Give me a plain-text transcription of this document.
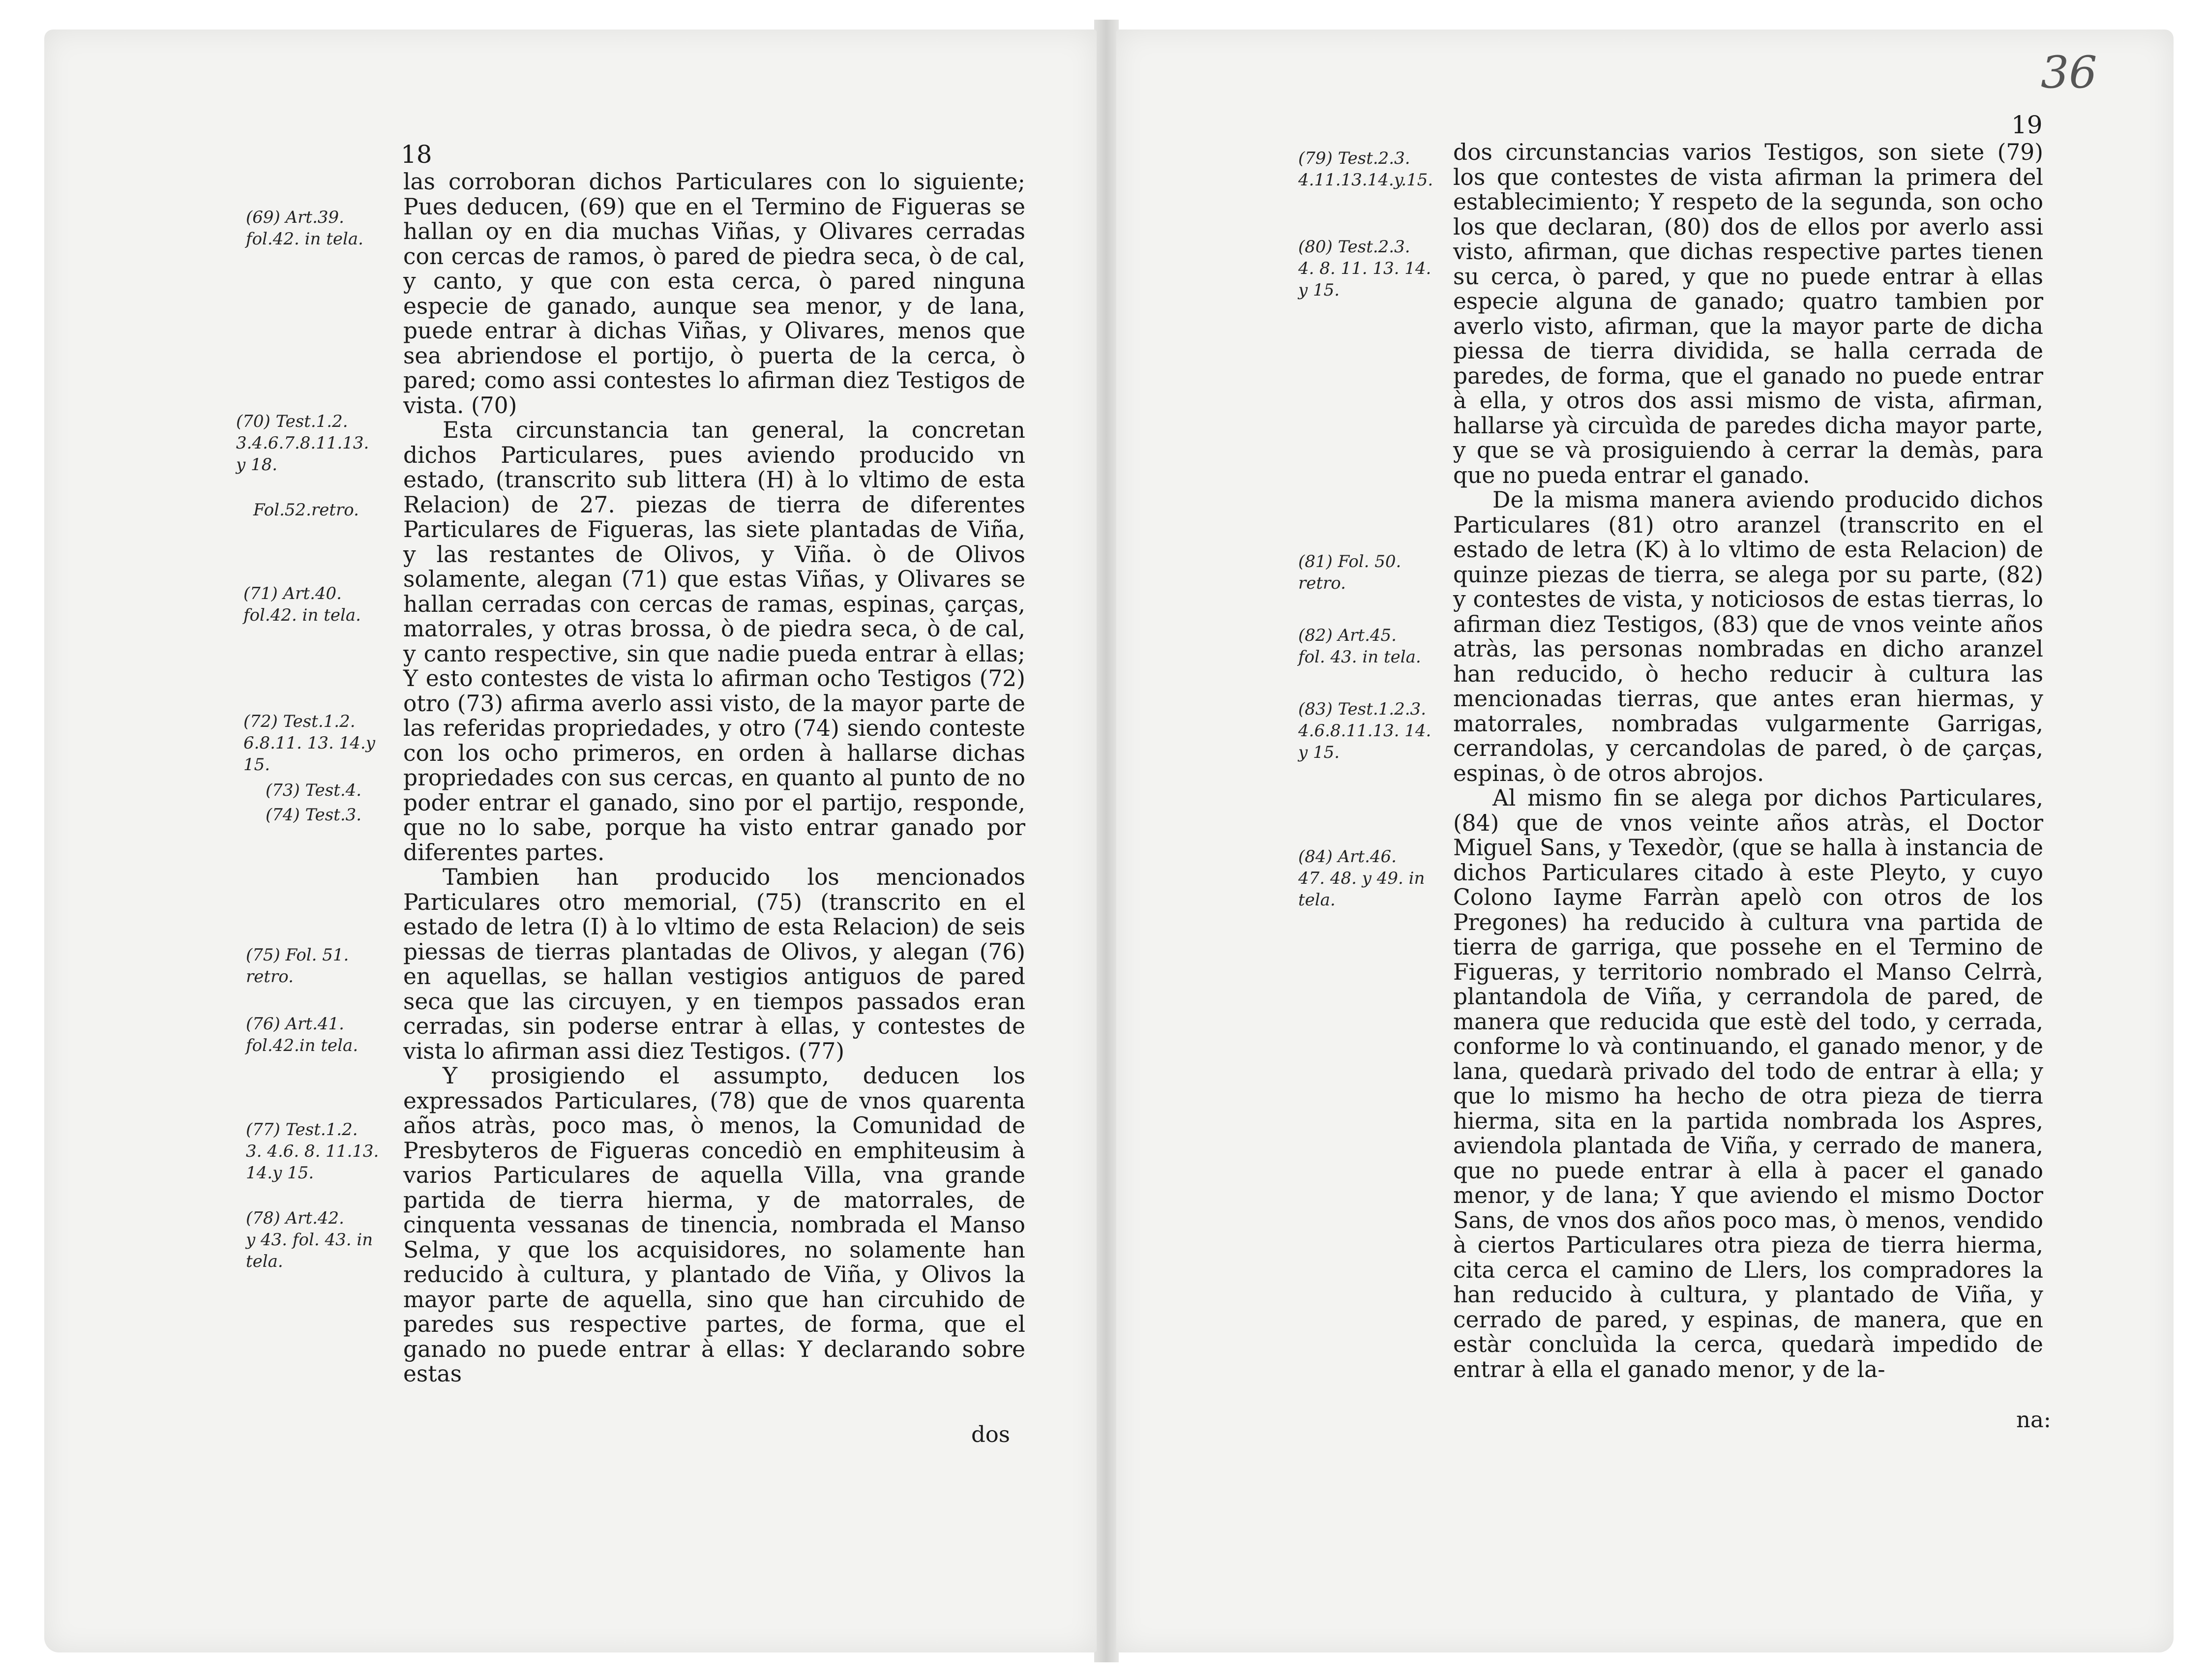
18
(69) Art.39.
fol.42. in tela.
(70) Test.1.2.
3.4.6.7.8.11.13.
y 18.
Fol.52.retro.
(71) Art.40.
fol.42. in tela.
(72) Test.1.2.
6.8.11. 13. 14.y
15.
(73) Test.4.
(74) Test.3.
(75) Fol. 51.
retro.
(76) Art.41.
fol.42.in tela.
(77) Test.1.2.
3. 4.6. 8. 11.13.
14.y 15.
(78) Art.42.
y 43. fol. 43. in
tela.

las corroboran dichos Particulares con lo siguiente; Pues deducen, (69) que en el Termino de Figueras se hallan oy en dia muchas Viñas, y Olivares cerradas con cercas de ramos, ò pared de piedra seca, ò de cal, y canto, y que con esta cerca, ò pared ninguna especie de ganado, aunque sea menor, y de lana, puede entrar à dichas Viñas, y Olivares, menos que sea abriendose el portijo, ò puerta de la cerca, ò pared; como assi contestes lo afirman diez Testigos de vista. (70)

Esta circunstancia tan general, la concretan dichos Particulares, pues aviendo producido vn estado, (transcrito sub littera (H) à lo vltimo de esta Relacion) de 27. piezas de tierra de diferentes Particulares de Figueras, las siete plantadas de Viña, y las restantes de Olivos, y Viña. ò de Olivos solamente, alegan (71) que estas Viñas, y Olivares se hallan cerradas con cercas de ramas, espinas, çarças, matorrales, y otras brossa, ò de piedra seca, ò de cal, y canto respective, sin que nadie pueda entrar à ellas; Y esto contestes de vista lo afirman ocho Testigos (72) otro (73) afirma averlo assi visto, de la mayor parte de las referidas propriedades, y otro (74) siendo conteste con los ocho primeros, en orden à hallarse dichas propriedades con sus cercas, en quanto al punto de no poder entrar el ganado, sino por el partijo, responde, que no lo sabe, porque ha visto entrar ganado por diferentes partes.

Tambien han producido los mencionados Particulares otro memorial, (75) (transcrito en el estado de letra (I) à lo vltimo de esta Relacion) de seis piessas de tierras plantadas de Olivos, y alegan (76) en aquellas, se hallan vestigios antiguos de pared seca que las circuyen, y en tiempos passados eran cerradas, sin poderse entrar à ellas, y contestes de vista lo afirman assi diez Testigos. (77)

Y prosigiendo el assumpto, deducen los expressados Particulares, (78) que de vnos quarenta años atràs, poco mas, ò menos, la Comunidad de Presbyteros de Figueras concediò en emphiteusim à varios Particulares de aquella Villa, vna grande partida de tierra hierma, y de matorrales, de cinquenta vessanas de tinencia, nombrada el Manso Selma, y que los acquisidores, no solamente han reducido à cultura, y plantado de Viña, y Olivos la mayor parte de aquella, sino que han circuhido de paredes sus respective partes, de forma, que el ganado no puede entrar à ellas: Y declarando sobre estas

dos
36
19
(79) Test.2.3.
4.11.13.14.y.15.
(80) Test.2.3.
4. 8. 11. 13. 14.
y 15.
(81) Fol. 50.
retro.
(82) Art.45.
fol. 43. in tela.
(83) Test.1.2.3.
4.6.8.11.13. 14.
y 15.
(84) Art.46.
47. 48. y 49. in
tela.

dos circunstancias varios Testigos, son siete (79) los que contestes de vista afirman la primera del establecimiento; Y respeto de la segunda, son ocho los que declaran, (80) dos de ellos por averlo assi visto, afirman, que dichas respective partes tienen su cerca, ò pared, y que no puede entrar à ellas especie alguna de ganado; quatro tambien por averlo visto, afirman, que la mayor parte de dicha piessa de tierra dividida, se halla cerrada de paredes, de forma, que el ganado no puede entrar à ella, y otros dos assi mismo de vista, afirman, hallarse yà circuìda de paredes dicha mayor parte, y que se và prosiguiendo à cerrar la demàs, para que no pueda entrar el ganado.

De la misma manera aviendo producido dichos Particulares (81) otro aranzel (transcrito en el estado de letra (K) à lo vltimo de esta Relacion) de quinze piezas de tierra, se alega por su parte, (82) y contestes de vista, y noticiosos de estas tierras, lo afirman diez Testigos, (83) que de vnos veinte años atràs, las personas nombradas en dicho aranzel han reducido, ò hecho reducir à cultura las mencionadas tierras, que antes eran hiermas, y matorrales, nombradas vulgarmente Garrigas, cerrandolas, y cercandolas de pared, ò de çarças, espinas, ò de otros abrojos.

Al mismo fin se alega por dichos Particulares, (84) que de vnos veinte años atràs, el Doctor Miguel Sans, y Texedòr, (que se halla à instancia de dichos Particulares citado à este Pleyto, y cuyo Colono Iayme Farràn apelò con otros de los Pregones) ha reducido à cultura vna partida de tierra de garriga, que possehe en el Termino de Figueras, y territorio nombrado el Manso Celrrà, plantandola de Viña, y cerrandola de pared, de manera que reducida que estè del todo, y cerrada, conforme lo và continuando, el ganado menor, y de lana, quedarà privado del todo de entrar à ella; y que lo mismo ha hecho de otra pieza de tierra hierma, sita en la partida nombrada los Aspres, aviendola plantada de Viña, y cerrado de manera, que no puede entrar à ella à pacer el ganado menor, y de lana; Y que aviendo el mismo Doctor Sans, de vnos dos años poco mas, ò menos, vendido à ciertos Particulares otra pieza de tierra hierma, cita cerca el camino de Llers, los compradores la han reducido à cultura, y plantado de Viña, y cerrado de pared, y espinas, de manera, que en estàr concluìda la cerca, quedarà impedido de entrar à ella el ganado menor, y de la-

na:
